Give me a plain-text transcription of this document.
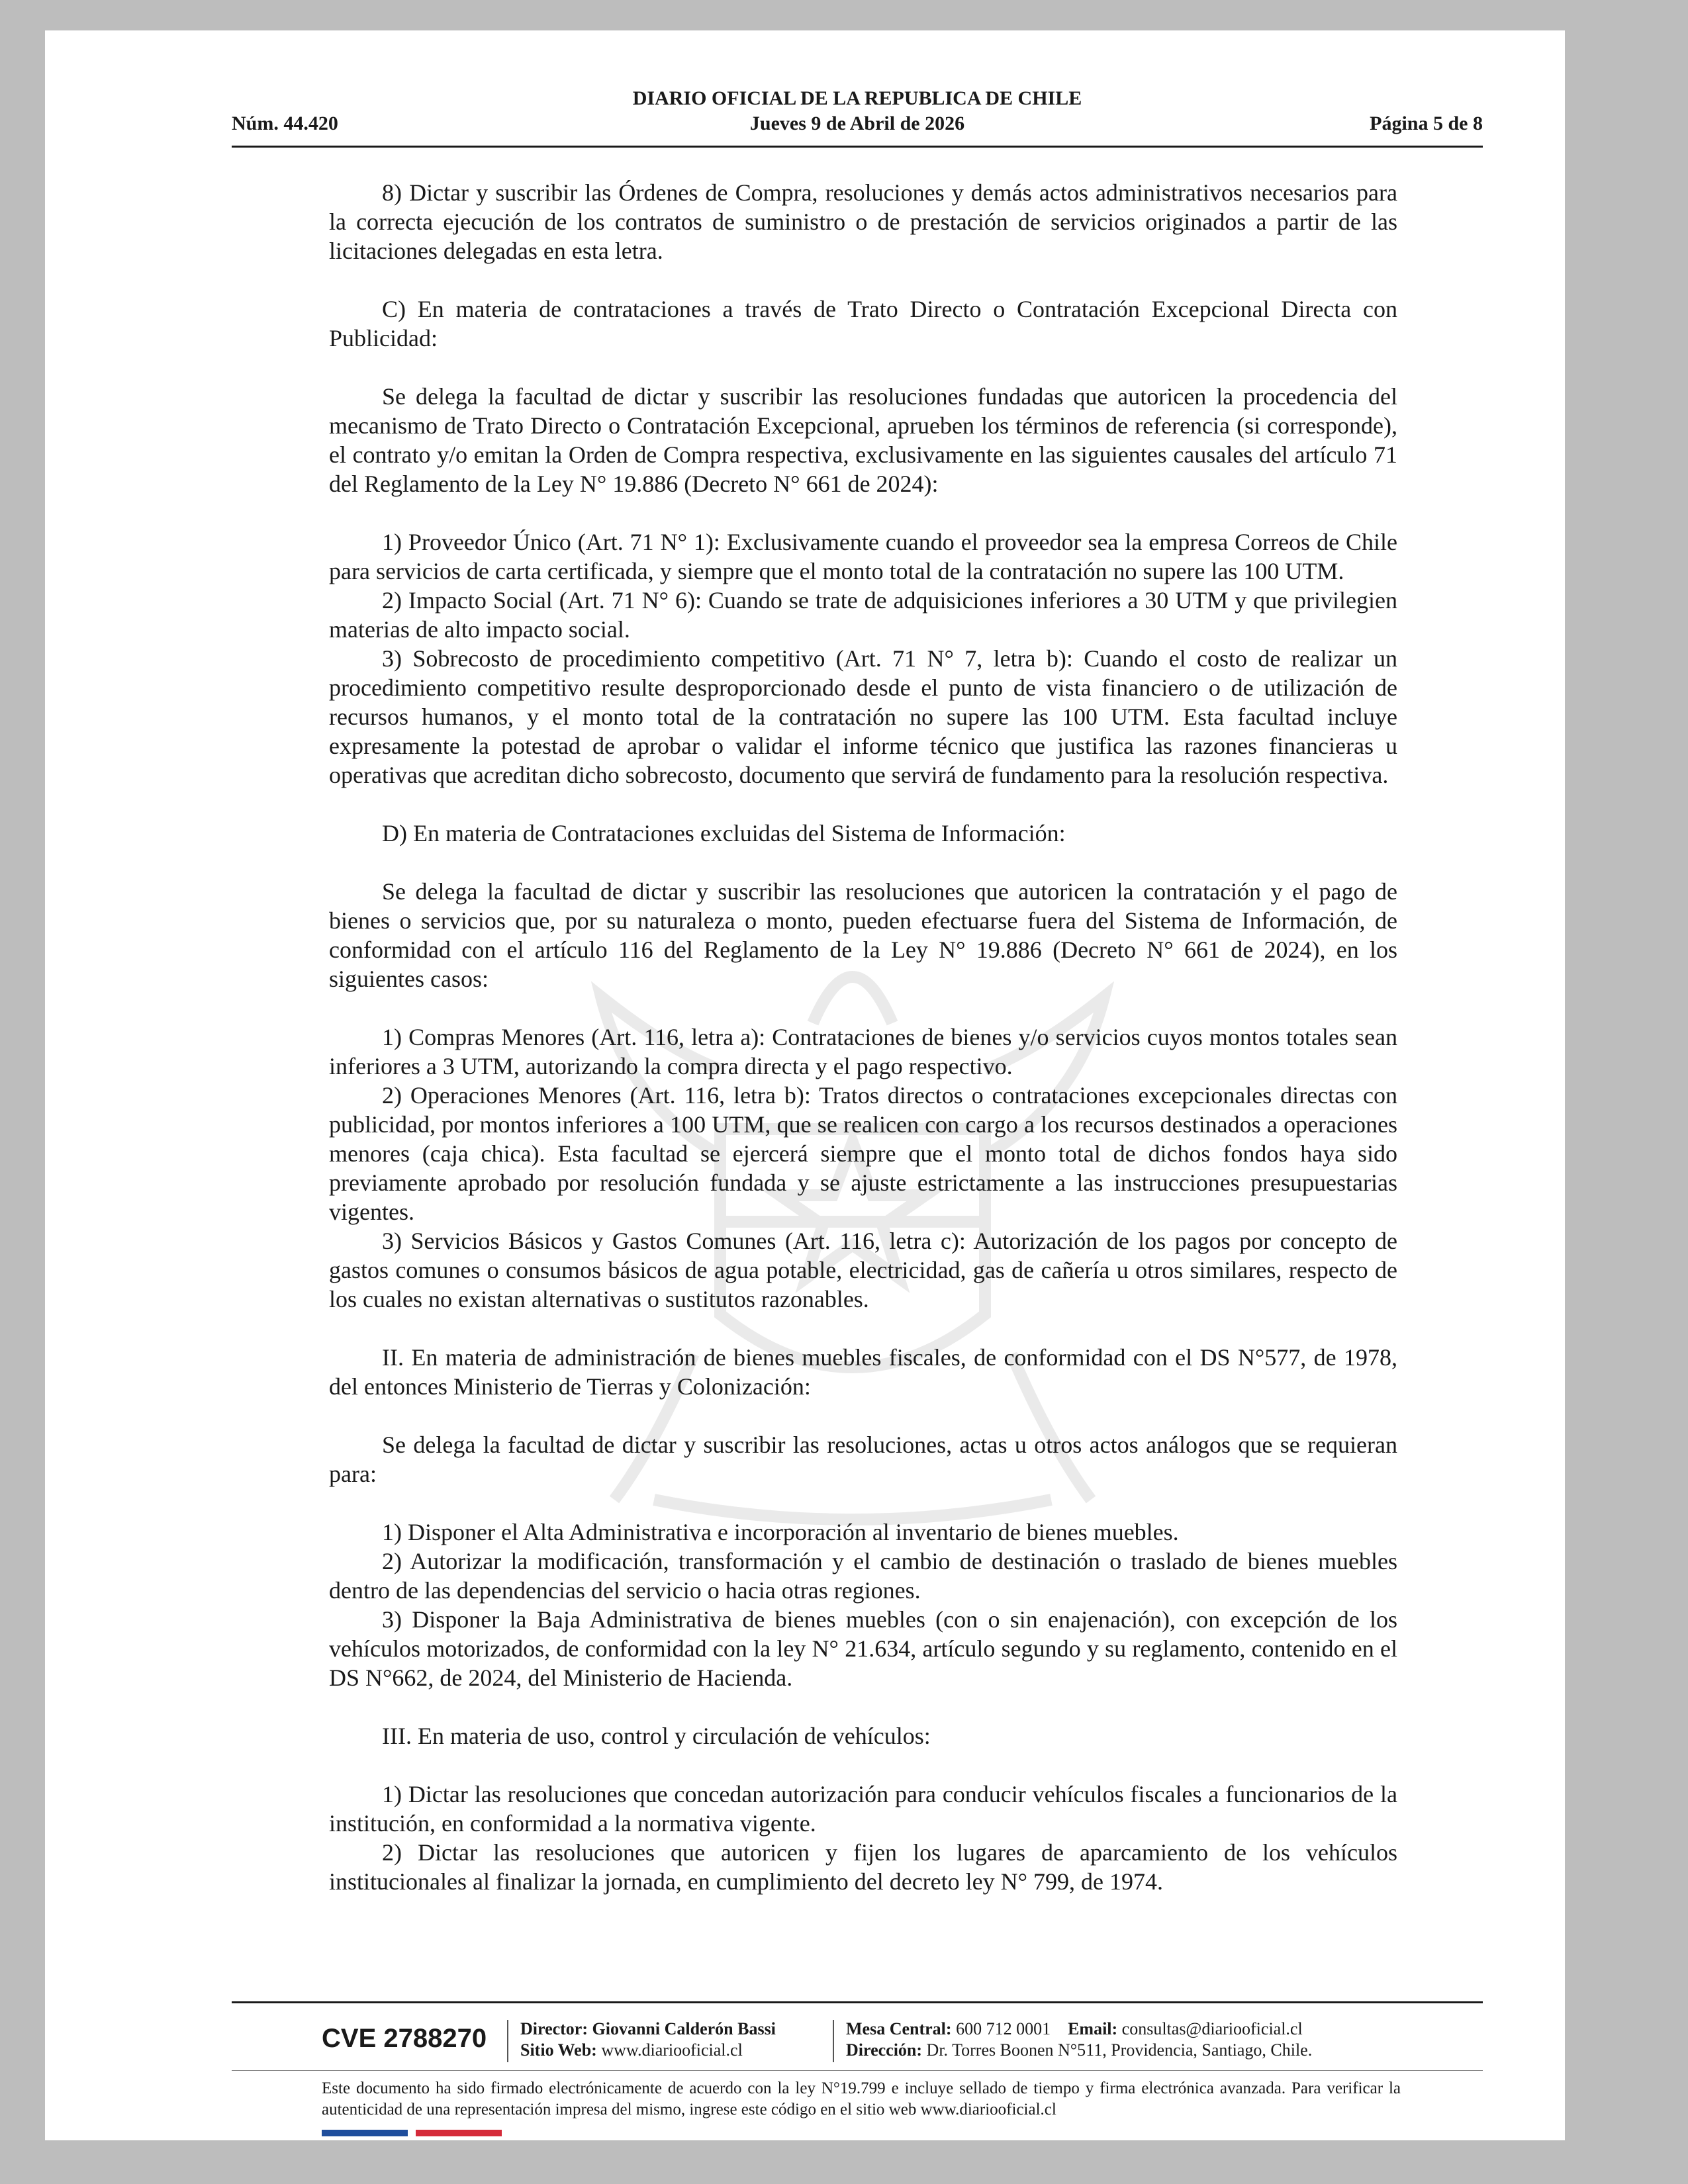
DIARIO OFICIAL DE LA REPUBLICA DE CHILE
Núm. 44.420	Jueves 9 de Abril de 2026	Página 5 de 8

8) Dictar y suscribir las Órdenes de Compra, resoluciones y demás actos administrativos necesarios para la correcta ejecución de los contratos de suministro o de prestación de servicios originados a partir de las licitaciones delegadas en esta letra.

C) En materia de contrataciones a través de Trato Directo o Contratación Excepcional Directa con Publicidad:

Se delega la facultad de dictar y suscribir las resoluciones fundadas que autoricen la procedencia del mecanismo de Trato Directo o Contratación Excepcional, aprueben los términos de referencia (si corresponde), el contrato y/o emitan la Orden de Compra respectiva, exclusivamente en las siguientes causales del artículo 71 del Reglamento de la Ley N° 19.886 (Decreto N° 661 de 2024):

1) Proveedor Único (Art. 71 N° 1): Exclusivamente cuando el proveedor sea la empresa Correos de Chile para servicios de carta certificada, y siempre que el monto total de la contratación no supere las 100 UTM.

2) Impacto Social (Art. 71 N° 6): Cuando se trate de adquisiciones inferiores a 30 UTM y que privilegien materias de alto impacto social.

3) Sobrecosto de procedimiento competitivo (Art. 71 N° 7, letra b): Cuando el costo de realizar un procedimiento competitivo resulte desproporcionado desde el punto de vista financiero o de utilización de recursos humanos, y el monto total de la contratación no supere las 100 UTM. Esta facultad incluye expresamente la potestad de aprobar o validar el informe técnico que justifica las razones financieras u operativas que acreditan dicho sobrecosto, documento que servirá de fundamento para la resolución respectiva.

D) En materia de Contrataciones excluidas del Sistema de Información:

Se delega la facultad de dictar y suscribir las resoluciones que autoricen la contratación y el pago de bienes o servicios que, por su naturaleza o monto, pueden efectuarse fuera del Sistema de Información, de conformidad con el artículo 116 del Reglamento de la Ley N° 19.886 (Decreto N° 661 de 2024), en los siguientes casos:

1) Compras Menores (Art. 116, letra a): Contrataciones de bienes y/o servicios cuyos montos totales sean inferiores a 3 UTM, autorizando la compra directa y el pago respectivo.

2) Operaciones Menores (Art. 116, letra b): Tratos directos o contrataciones excepcionales directas con publicidad, por montos inferiores a 100 UTM, que se realicen con cargo a los recursos destinados a operaciones menores (caja chica). Esta facultad se ejercerá siempre que el monto total de dichos fondos haya sido previamente aprobado por resolución fundada y se ajuste estrictamente a las instrucciones presupuestarias vigentes.

3) Servicios Básicos y Gastos Comunes (Art. 116, letra c): Autorización de los pagos por concepto de gastos comunes o consumos básicos de agua potable, electricidad, gas de cañería u otros similares, respecto de los cuales no existan alternativas o sustitutos razonables.

II. En materia de administración de bienes muebles fiscales, de conformidad con el DS N°577, de 1978, del entonces Ministerio de Tierras y Colonización:

Se delega la facultad de dictar y suscribir las resoluciones, actas u otros actos análogos que se requieran para:

1) Disponer el Alta Administrativa e incorporación al inventario de bienes muebles.

2) Autorizar la modificación, transformación y el cambio de destinación o traslado de bienes muebles dentro de las dependencias del servicio o hacia otras regiones.

3) Disponer la Baja Administrativa de bienes muebles (con o sin enajenación), con excepción de los vehículos motorizados, de conformidad con la ley N° 21.634, artículo segundo y su reglamento, contenido en el DS N°662, de 2024, del Ministerio de Hacienda.

III. En materia de uso, control y circulación de vehículos:

1) Dictar las resoluciones que concedan autorización para conducir vehículos fiscales a funcionarios de la institución, en conformidad a la normativa vigente.

2) Dictar las resoluciones que autoricen y fijen los lugares de aparcamiento de los vehículos institucionales al finalizar la jornada, en cumplimiento del decreto ley N° 799, de 1974.

CVE 2788270 Director: Giovanni Calderón Bassi
Sitio Web: www.diariooficial.cl
Mesa Central: 600 712 0001 Email: consultas@diariooficial.cl
Dirección: Dr. Torres Boonen N°511, Providencia, Santiago, Chile.
Este documento ha sido firmado electrónicamente de acuerdo con la ley N°19.799 e incluye sellado de tiempo y firma electrónica avanzada. Para verificar la autenticidad de una representación impresa del mismo, ingrese este código en el sitio web www.diariooficial.cl
